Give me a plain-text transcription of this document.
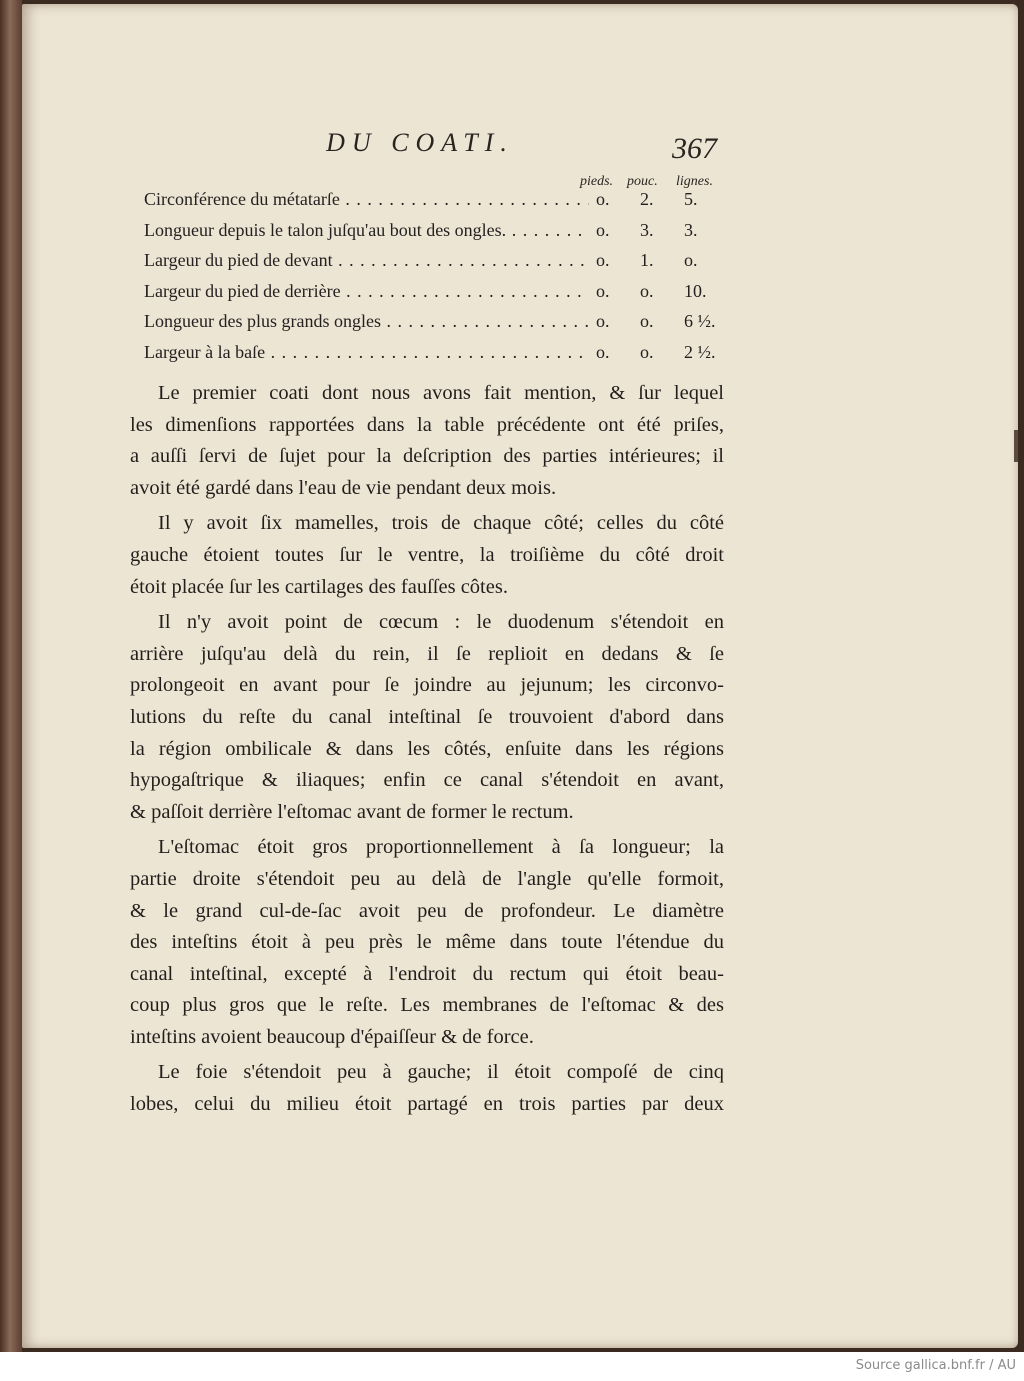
DU COATI.	367
pieds. pouc. lignes.
Circonférence du métatarſe . . .	o. 2. 5.
Longueur depuis le talon juſqu'au bout des ongles. . . .	o. 3. 3.
Largeur du pied de devant . . .	o. 1. o.
Largeur du pied de derrière . . .	o. o. 10.
Longueur des plus grands ongles . . .	o. o. 6 ½.
Largeur à la baſe . . .	o. o. 2 ½.

Le premier coati dont nous avons fait mention, & ſur lequel
les dimenſions rapportées dans la table précédente ont été priſes,
a auſſi ſervi de ſujet pour la deſcription des parties intérieures; il
avoit été gardé dans l'eau de vie pendant deux mois.

Il y avoit ſix mamelles, trois de chaque côté; celles du côté
gauche étoient toutes ſur le ventre, la troiſième du côté droit
étoit placée ſur les cartilages des fauſſes côtes.

Il n'y avoit point de cœcum : le duodenum s'étendoit en
arrière juſqu'au delà du rein, il ſe replioit en dedans & ſe
prolongeoit en avant pour ſe joindre au jejunum; les circonvo-
lutions du reſte du canal inteſtinal ſe trouvoient d'abord dans
la région ombilicale & dans les côtés, enſuite dans les régions
hypogaſtrique & iliaques; enfin ce canal s'étendoit en avant,
& paſſoit derrière l'eſtomac avant de former le rectum.

L'eſtomac étoit gros proportionnellement à ſa longueur; la
partie droite s'étendoit peu au delà de l'angle qu'elle formoit,
& le grand cul-de-ſac avoit peu de profondeur. Le diamètre
des inteſtins étoit à peu près le même dans toute l'étendue du
canal inteſtinal, excepté à l'endroit du rectum qui étoit beau-
coup plus gros que le reſte. Les membranes de l'eſtomac & des
inteſtins avoient beaucoup d'épaiſſeur & de force.

Le foie s'étendoit peu à gauche; il étoit compoſé de cinq
lobes, celui du milieu étoit partagé en trois parties par deux

Source gallica.bnf.fr / AU
